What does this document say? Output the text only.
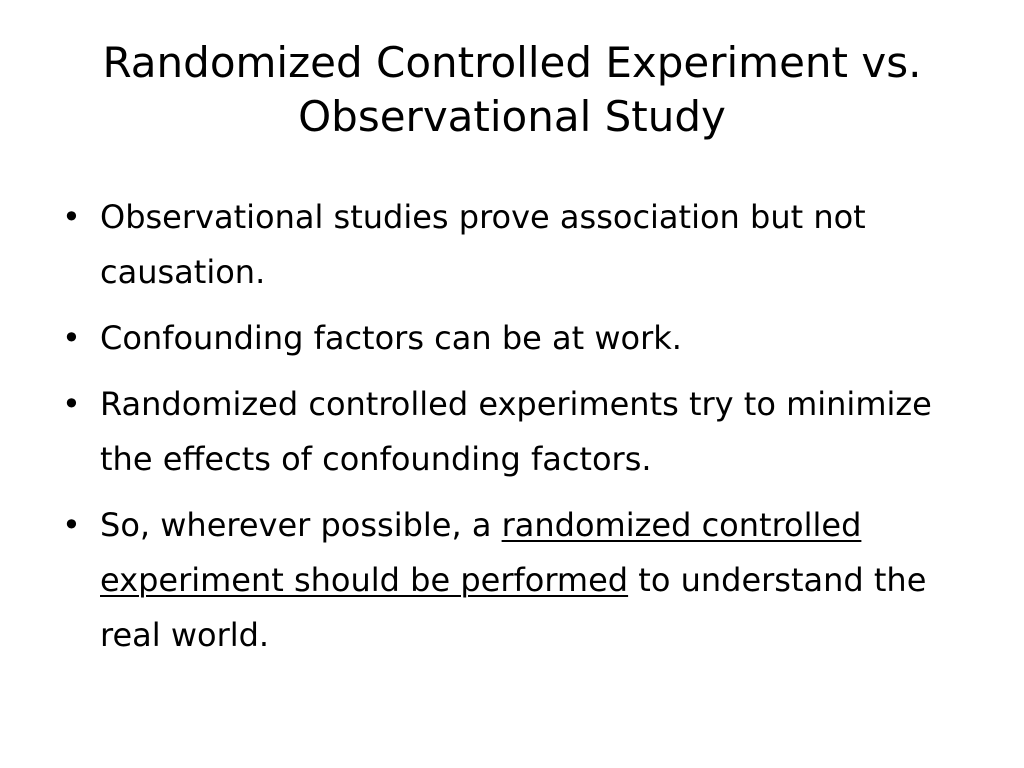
Randomized Controlled Experiment vs.
Observational Study
• Observational studies prove association but not causation.
• Confounding factors can be at work.
• Randomized controlled experiments try to minimize the effects of confounding factors.
• So, wherever possible, a randomized controlled experiment should be performed to understand the real world.
